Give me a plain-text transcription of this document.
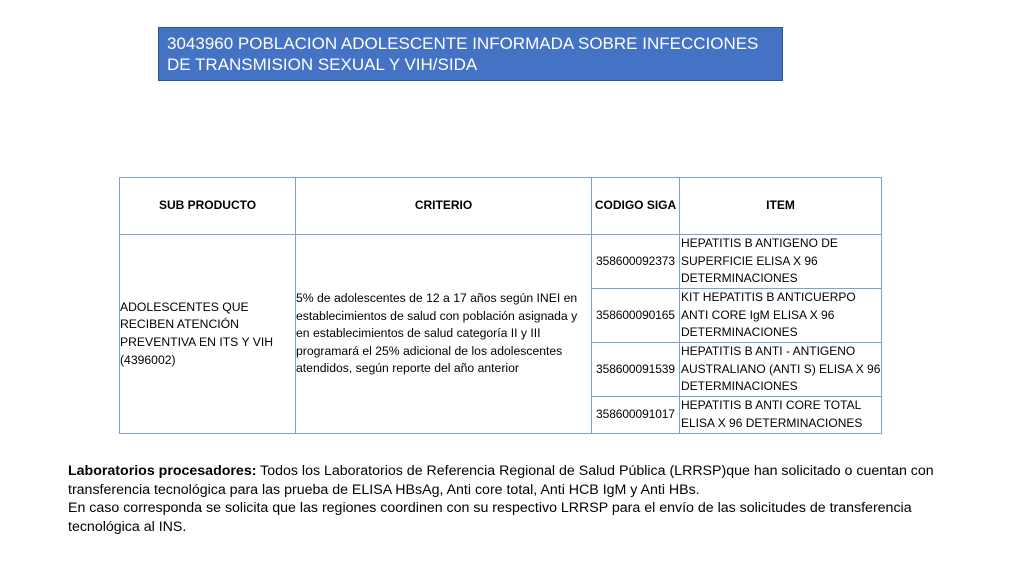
3043960 POBLACION ADOLESCENTE INFORMADA SOBRE INFECCIONES DE TRANSMISION SEXUAL Y VIH/SIDA
SUB PRODUCTO	CRITERIO	CODIGO SIGA	ITEM
ADOLESCENTES QUE RECIBEN ATENCIÓN PREVENTIVA EN ITS Y VIH (4396002)	5% de adolescentes de 12 a 17 años según INEI en establecimientos de salud con población asignada y en establecimientos de salud categoría II y III programará el 25% adicional de los adolescentes atendidos, según reporte del año anterior	358600092373	HEPATITIS B ANTIGENO DE SUPERFICIE ELISA X 96 DETERMINACIONES
		358600090165	KIT HEPATITIS B ANTICUERPO ANTI CORE IgM ELISA X 96 DETERMINACIONES
		358600091539	HEPATITIS B ANTI - ANTIGENO AUSTRALIANO (ANTI S) ELISA X 96 DETERMINACIONES
		358600091017	HEPATITIS B ANTI CORE TOTAL ELISA X 96 DETERMINACIONES

Laboratorios procesadores: Todos los Laboratorios de Referencia Regional de Salud Pública (LRRSP)que han solicitado o cuentan con transferencia tecnológica para las prueba de ELISA HBsAg, Anti core total, Anti HCB IgM y Anti HBs.

En caso corresponda se solicita que las regiones coordinen con su respectivo LRRSP para el envío de las solicitudes de transferencia tecnológica al INS.
